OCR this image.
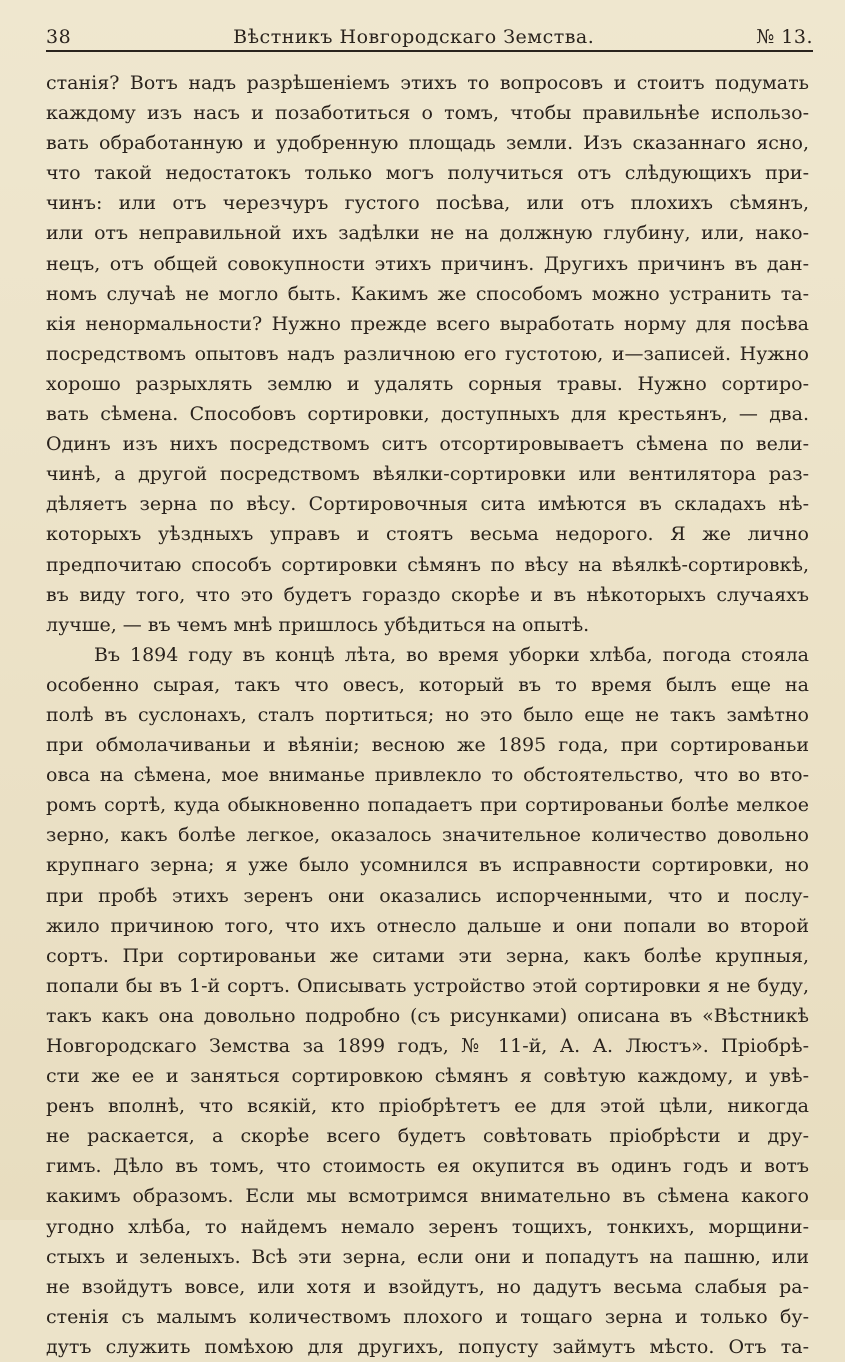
38	Вѣстникъ Новгородскаго Земства.	№ 13.
станія? Вотъ надъ разрѣшеніемъ этихъ то вопросовъ и стоитъ подумать
каждому изъ насъ и позаботиться о томъ, чтобы правильнѣе использо-
вать обработанную и удобренную площадь земли. Изъ сказаннаго ясно,
что такой недостатокъ только могъ получиться отъ слѣдующихъ при-
чинъ: или отъ черезчуръ густого посѣва, или отъ плохихъ сѣмянъ,
или отъ неправильной ихъ задѣлки не на должную глубину, или, нако-
нецъ, отъ общей совокупности этихъ причинъ. Другихъ причинъ въ дан-
номъ случаѣ не могло быть. Какимъ же способомъ можно устранить та-
кія ненормальности? Нужно прежде всего выработать норму для посѣва
посредствомъ опытовъ надъ различною его густотою, и—записей. Нужно
хорошо разрыхлять землю и удалять сорныя травы. Нужно сортиро-
вать сѣмена. Способовъ сортировки, доступныхъ для крестьянъ, — два.
Одинъ изъ нихъ посредствомъ ситъ отсортировываетъ сѣмена по вели-
чинѣ, а другой посредствомъ вѣялки-сортировки или вентилятора раз-
дѣляетъ зерна по вѣсу. Сортировочныя сита имѣются въ складахъ нѣ-
которыхъ уѣздныхъ управъ и стоятъ весьма недорого. Я же лично
предпочитаю способъ сортировки сѣмянъ по вѣсу на вѣялкѣ-сортировкѣ,
въ виду того, что это будетъ гораздо скорѣе и въ нѣкоторыхъ случаяхъ
лучше, — въ чемъ мнѣ пришлось убѣдиться на опытѣ.
Въ 1894 году въ концѣ лѣта, во время уборки хлѣба, погода стояла
особенно сырая, такъ что овесъ, который въ то время былъ еще на
полѣ въ суслонахъ, сталъ портиться; но это было еще не такъ замѣтно
при обмолачиваньи и вѣяніи; весною же 1895 года, при сортированьи
овса на сѣмена, мое вниманье привлекло то обстоятельство, что во вто-
ромъ сортѣ, куда обыкновенно попадаетъ при сортированьи болѣе мелкое
зерно, какъ болѣе легкое, оказалось значительное количество довольно
крупнаго зерна; я уже было усомнился въ исправности сортировки, но
при пробѣ этихъ зеренъ они оказались испорченными, что и послу-
жило причиною того, что ихъ отнесло дальше и они попали во второй
сортъ. При сортированьи же ситами эти зерна, какъ болѣе крупныя,
попали бы въ 1-й сортъ. Описывать устройство этой сортировки я не буду,
такъ какъ она довольно подробно (съ рисунками) описана въ «Вѣстникѣ
Новгородскаго Земства за 1899 годъ, № 11-й, А. А. Люстъ». Пріобрѣ-
сти же ее и заняться сортировкою сѣмянъ я совѣтую каждому, и увѣ-
ренъ вполнѣ, что всякій, кто пріобрѣтетъ ее для этой цѣли, никогда
не раскается, а скорѣе всего будетъ совѣтовать пріобрѣсти и дру-
гимъ. Дѣло въ томъ, что стоимость ея окупится въ одинъ годъ и вотъ
какимъ образомъ. Если мы всмотримся внимательно въ сѣмена какого
угодно хлѣба, то найдемъ немало зеренъ тощихъ, тонкихъ, морщини-
стыхъ и зеленыхъ. Всѣ эти зерна, если они и попадутъ на пашню, или
не взойдутъ вовсе, или хотя и взойдутъ, но дадутъ весьма слабыя ра-
стенія съ малымъ количествомъ плохого и тощаго зерна и только бу-
дутъ служить помѣхою для другихъ, попусту займутъ мѣсто. Отъ та-
